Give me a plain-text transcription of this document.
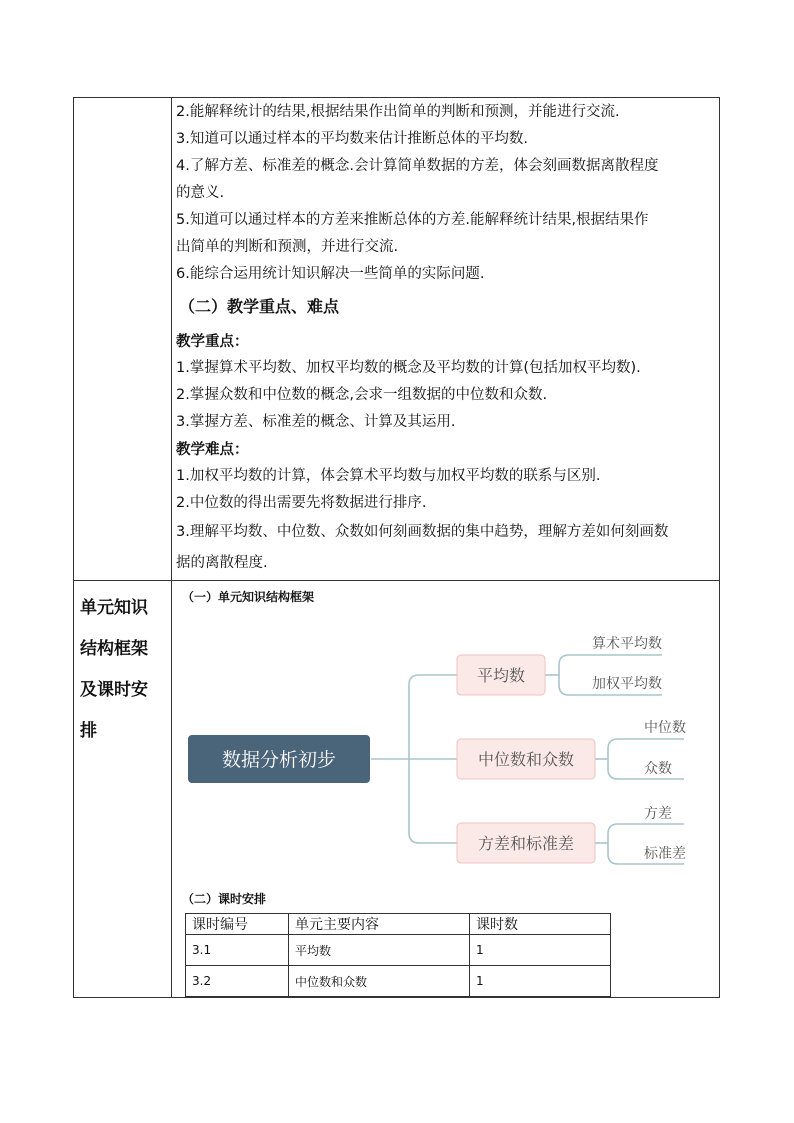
2.能解释统计的结果,根据结果作出简单的判断和预测，并能进行交流.
3.知道可以通过样本的平均数来估计推断总体的平均数.
4.了解方差、标准差的概念.会计算简单数据的方差，体会刻画数据离散程度
的意义.
5.知道可以通过样本的方差来推断总体的方差.能解释统计结果,根据结果作
出简单的判断和预测，并进行交流.
6.能综合运用统计知识解决一些简单的实际问题.
（二）教学重点、难点
教学重点：
1.掌握算术平均数、加权平均数的概念及平均数的计算(包括加权平均数).
2.掌握众数和中位数的概念,会求一组数据的中位数和众数.
3.掌握方差、标准差的概念、计算及其运用.
教学难点：
1.加权平均数的计算，体会算术平均数与加权平均数的联系与区别.
2.中位数的得出需要先将数据进行排序.
3.理解平均数、中位数、众数如何刻画数据的集中趋势，理解方差如何刻画数
据的离散程度.
单元知识
结构框架
及课时安
排
（一）单元知识结构框架
数据分析初步
平均数
中位数和众数
方差和标准差
算术平均数
加权平均数
中位数
众数
方差
标准差
（二）课时安排
课时编号	单元主要内容	课时数
3.1	平均数	1
3.2	中位数和众数	1
